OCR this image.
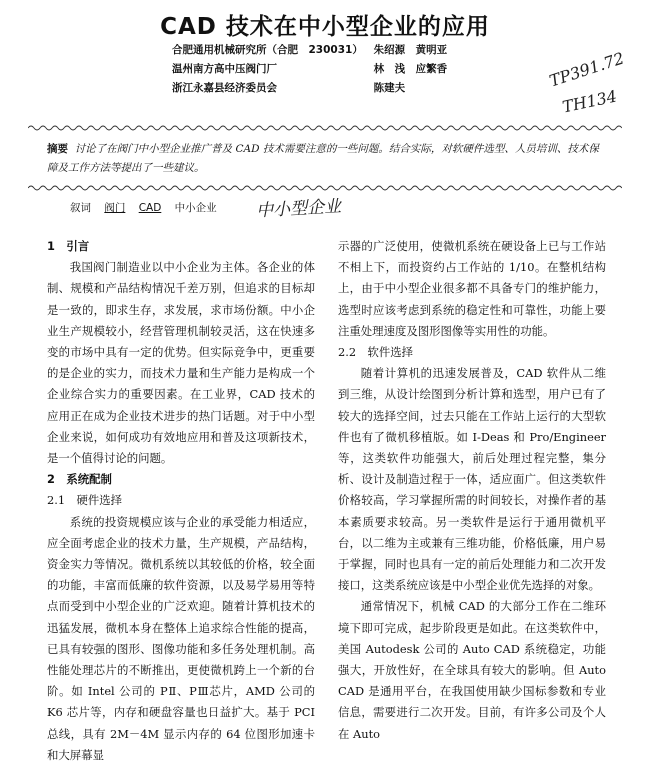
CAD 技术在中小型企业的应用
合肥通用机械研究所（合肥　230031） 朱绍源　黄明亚
温州南方高中压阀门厂	林　浅　应繁香
浙江永嘉县经济委员会	陈建夫	TP391.72
TH134
摘要 讨论了在阀门中小型企业推广普及 CAD 技术需要注意的一些问题。结合实际，对软硬件选型、人员培训、技术保障及工作方法等提出了一些建议。
叙词 阀门 CAD 中小企业	中小型企业
1　引言

我国阀门制造业以中小企业为主体。各企业的体制、规模和产品结构情况千差万别，但追求的目标却是一致的，即求生存，求发展，求市场份额。中小企业生产规模较小，经营管理机制较灵活，这在快速多变的市场中具有一定的优势。但实际竞争中，更重要的是企业的实力，而技术力量和生产能力是构成一个企业综合实力的重要因素。在工业界，CAD 技术的应用正在成为企业技术进步的热门话题。对于中小型企业来说，如何成功有效地应用和普及这项新技术，是一个值得讨论的问题。

2　系统配制
2.1　硬件选择

系统的投资规模应该与企业的承受能力相适应，应全面考虑企业的技术力量，生产规模，产品结构，资金实力等情况。微机系统以其较低的价格，较全面的功能，丰富而低廉的软件资源，以及易学易用等特点而受到中小型企业的广泛欢迎。随着计算机技术的迅猛发展，微机本身在整体上追求综合性能的提高，已具有较强的图形、图像功能和多任务处理机制。高性能处理芯片的不断推出，更使微机跨上一个新的台阶。如 Intel 公司的 PⅡ、PⅢ芯片，AMD 公司的 K6 芯片等，内存和硬盘容量也日益扩大。基于 PCI 总线，具有 2M－4M 显示内存的 64 位图形加速卡和大屏幕显

示器的广泛使用，使微机系统在硬设备上已与工作站不相上下，而投资约占工作站的 1/10。在整机结构上，由于中小型企业很多都不具备专门的维护能力，选型时应该考虑到系统的稳定性和可靠性，功能上要注重处理速度及图形图像等实用性的功能。

2.2　软件选择

随着计算机的迅速发展普及，CAD 软件从二维到三维，从设计绘图到分析计算和选型，用户已有了较大的选择空间，过去只能在工作站上运行的大型软件也有了微机移植版。如 I-Deas 和 Pro/Engineer 等，这类软件功能强大，前后处理过程完整，集分析、设计及制造过程于一体，适应面广。但这类软件价格较高，学习掌握所需的时间较长，对操作者的基本素质要求较高。另一类软件是运行于通用微机平台，以二维为主或兼有三维功能，价格低廉，用户易于掌握，同时也具有一定的前后处理能力和二次开发接口，这类系统应该是中小型企业优先选择的对象。

通常情况下，机械 CAD 的大部分工作在二维环境下即可完成，起步阶段更是如此。在这类软件中，美国 Autodesk 公司的 Auto CAD 系统稳定，功能强大，开放性好，在全球具有较大的影响。但 Auto CAD 是通用平台，在我国使用缺少国标参数和专业信息，需要进行二次开发。目前，有许多公司及个人在 Auto
